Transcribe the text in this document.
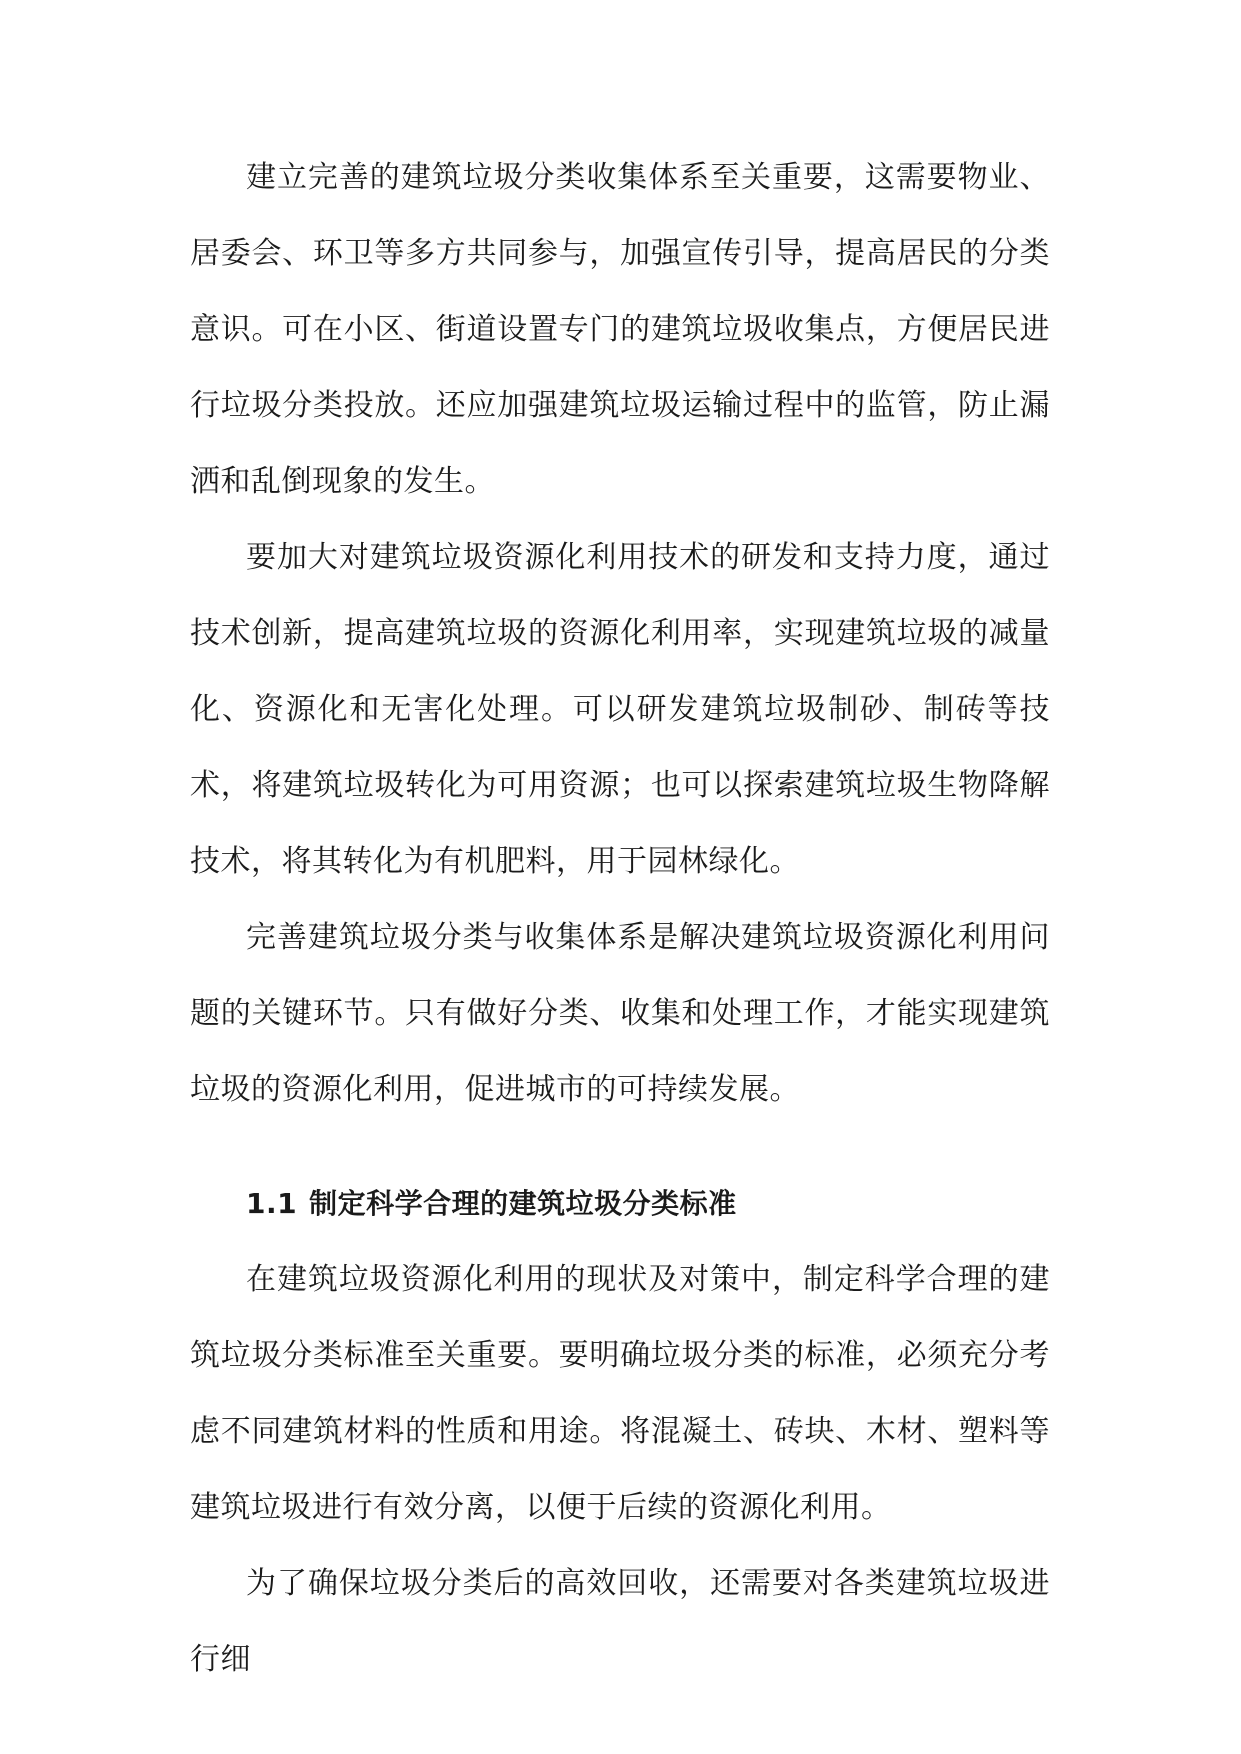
建立完善的建筑垃圾分类收集体系至关重要，这需要物业、居委会、环卫等多方共同参与，加强宣传引导，提高居民的分类意识。可在小区、街道设置专门的建筑垃圾收集点，方便居民进行垃圾分类投放。还应加强建筑垃圾运输过程中的监管，防止漏洒和乱倒现象的发生。

要加大对建筑垃圾资源化利用技术的研发和支持力度，通过技术创新，提高建筑垃圾的资源化利用率，实现建筑垃圾的减量化、资源化和无害化处理。可以研发建筑垃圾制砂、制砖等技术，将建筑垃圾转化为可用资源；也可以探索建筑垃圾生物降解技术，将其转化为有机肥料，用于园林绿化。

完善建筑垃圾分类与收集体系是解决建筑垃圾资源化利用问题的关键环节。只有做好分类、收集和处理工作，才能实现建筑垃圾的资源化利用，促进城市的可持续发展。

1.1 制定科学合理的建筑垃圾分类标准

在建筑垃圾资源化利用的现状及对策中，制定科学合理的建筑垃圾分类标准至关重要。要明确垃圾分类的标准，必须充分考虑不同建筑材料的性质和用途。将混凝土、砖块、木材、塑料等建筑垃圾进行有效分离，以便于后续的资源化利用。

为了确保垃圾分类后的高效回收，还需要对各类建筑垃圾进行细
